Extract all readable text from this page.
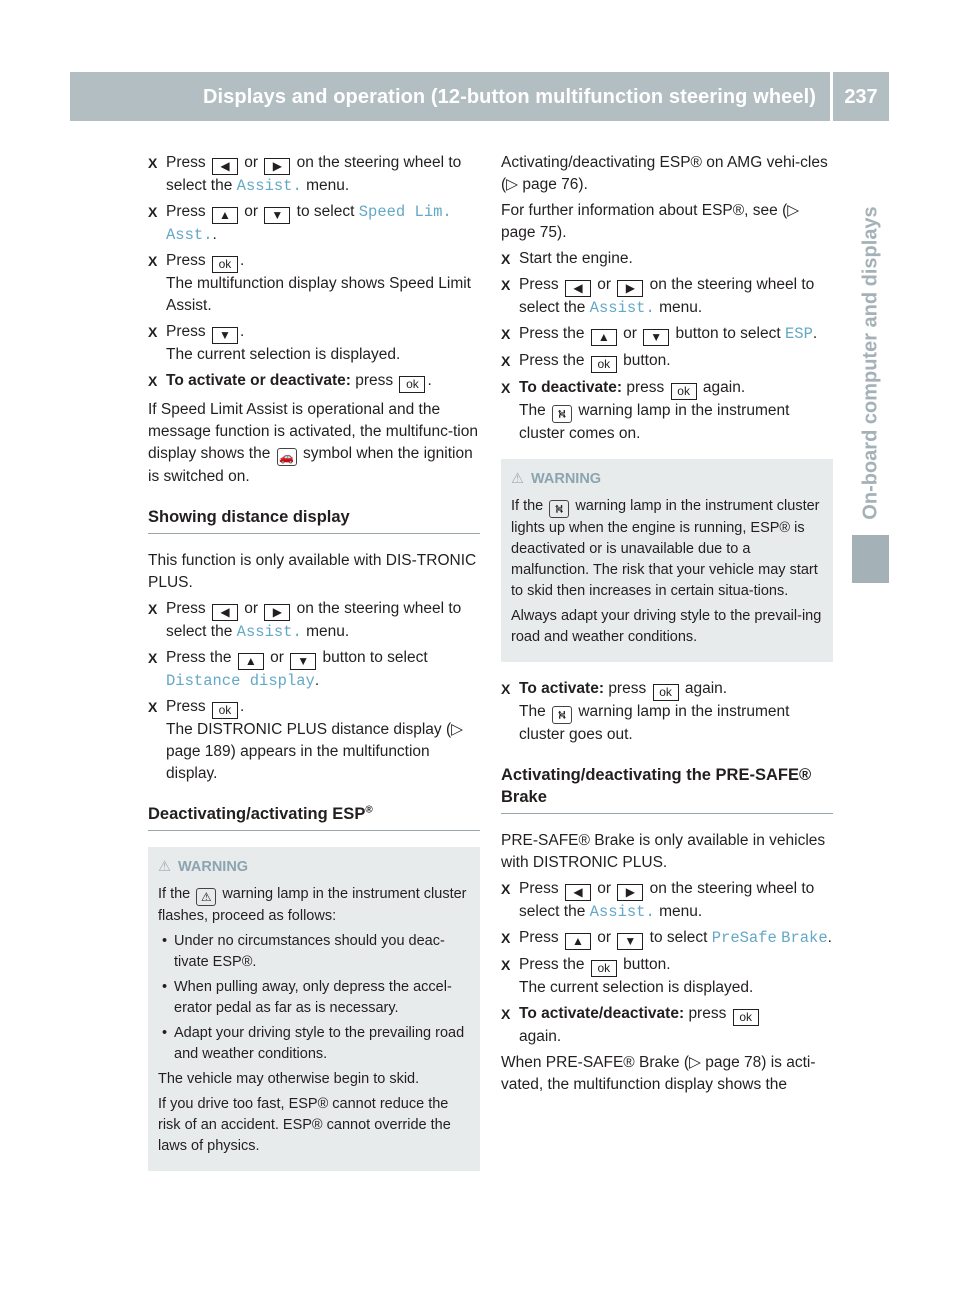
Displays and operation (12-button multifunction steering wheel)	237
On-board computer and displays
X Press ◀ or ▶ on the steering wheel to select the Assist. menu.
X Press ▲ or ▼ to select Speed Lim. Asst..
X Press ok .
The multifunction display shows Speed Limit Assist.
X Press ▼ .
The current selection is displayed.
X To activate or deactivate: press ok .
If Speed Limit Assist is operational and the message function is activated, the multifunc-tion display shows the 🚗 symbol when the ignition is switched on.
Showing distance display
This function is only available with DIS-TRONIC PLUS.
X Press ◀ or ▶ on the steering wheel to select the Assist. menu.
X Press the ▲ or ▼ button to select Distance display.
X Press ok .
The DISTRONIC PLUS distance display (▷ page 189) appears in the multifunction display.
Deactivating/activating ESP®
⚠ WARNING

If the ⚠ warning lamp in the instrument cluster flashes, proceed as follows:

• Under no circumstances should you deac-tivate ESP®.
• When pulling away, only depress the accel-erator pedal as far as is necessary.
• Adapt your driving style to the prevailing road and weather conditions.

The vehicle may otherwise begin to skid.

If you drive too fast, ESP® cannot reduce the risk of an accident. ESP® cannot override the laws of physics.

Activating/deactivating ESP® on AMG vehi-cles (▷ page 76).
For further information about ESP®, see (▷ page 75).
X Start the engine.
X Press ◀ or ▶ on the steering wheel to select the Assist. menu.
X Press the ▲ or ▼ button to select ESP.
X Press the ok button.
X To deactivate: press ok again.
The ⛕ warning lamp in the instrument cluster comes on.
⚠ WARNING

If the ⛕ warning lamp in the instrument cluster lights up when the engine is running, ESP® is deactivated or is unavailable due to a malfunction. The risk that your vehicle may start to skid then increases in certain situa-tions.

Always adapt your driving style to the prevail-ing road and weather conditions.

X To activate: press ok again.
The ⛕ warning lamp in the instrument cluster goes out.
Activating/deactivating the PRE-SAFE® Brake
PRE-SAFE® Brake is only available in vehicles with DISTRONIC PLUS.
X Press ◀ or ▶ on the steering wheel to select the Assist. menu.
X Press ▲ or ▼ to select PreSafe Brake.
X Press the ok button.
The current selection is displayed.
X To activate/deactivate: press ok
again.
When PRE-SAFE® Brake (▷ page 78) is acti-vated, the multifunction display shows the
